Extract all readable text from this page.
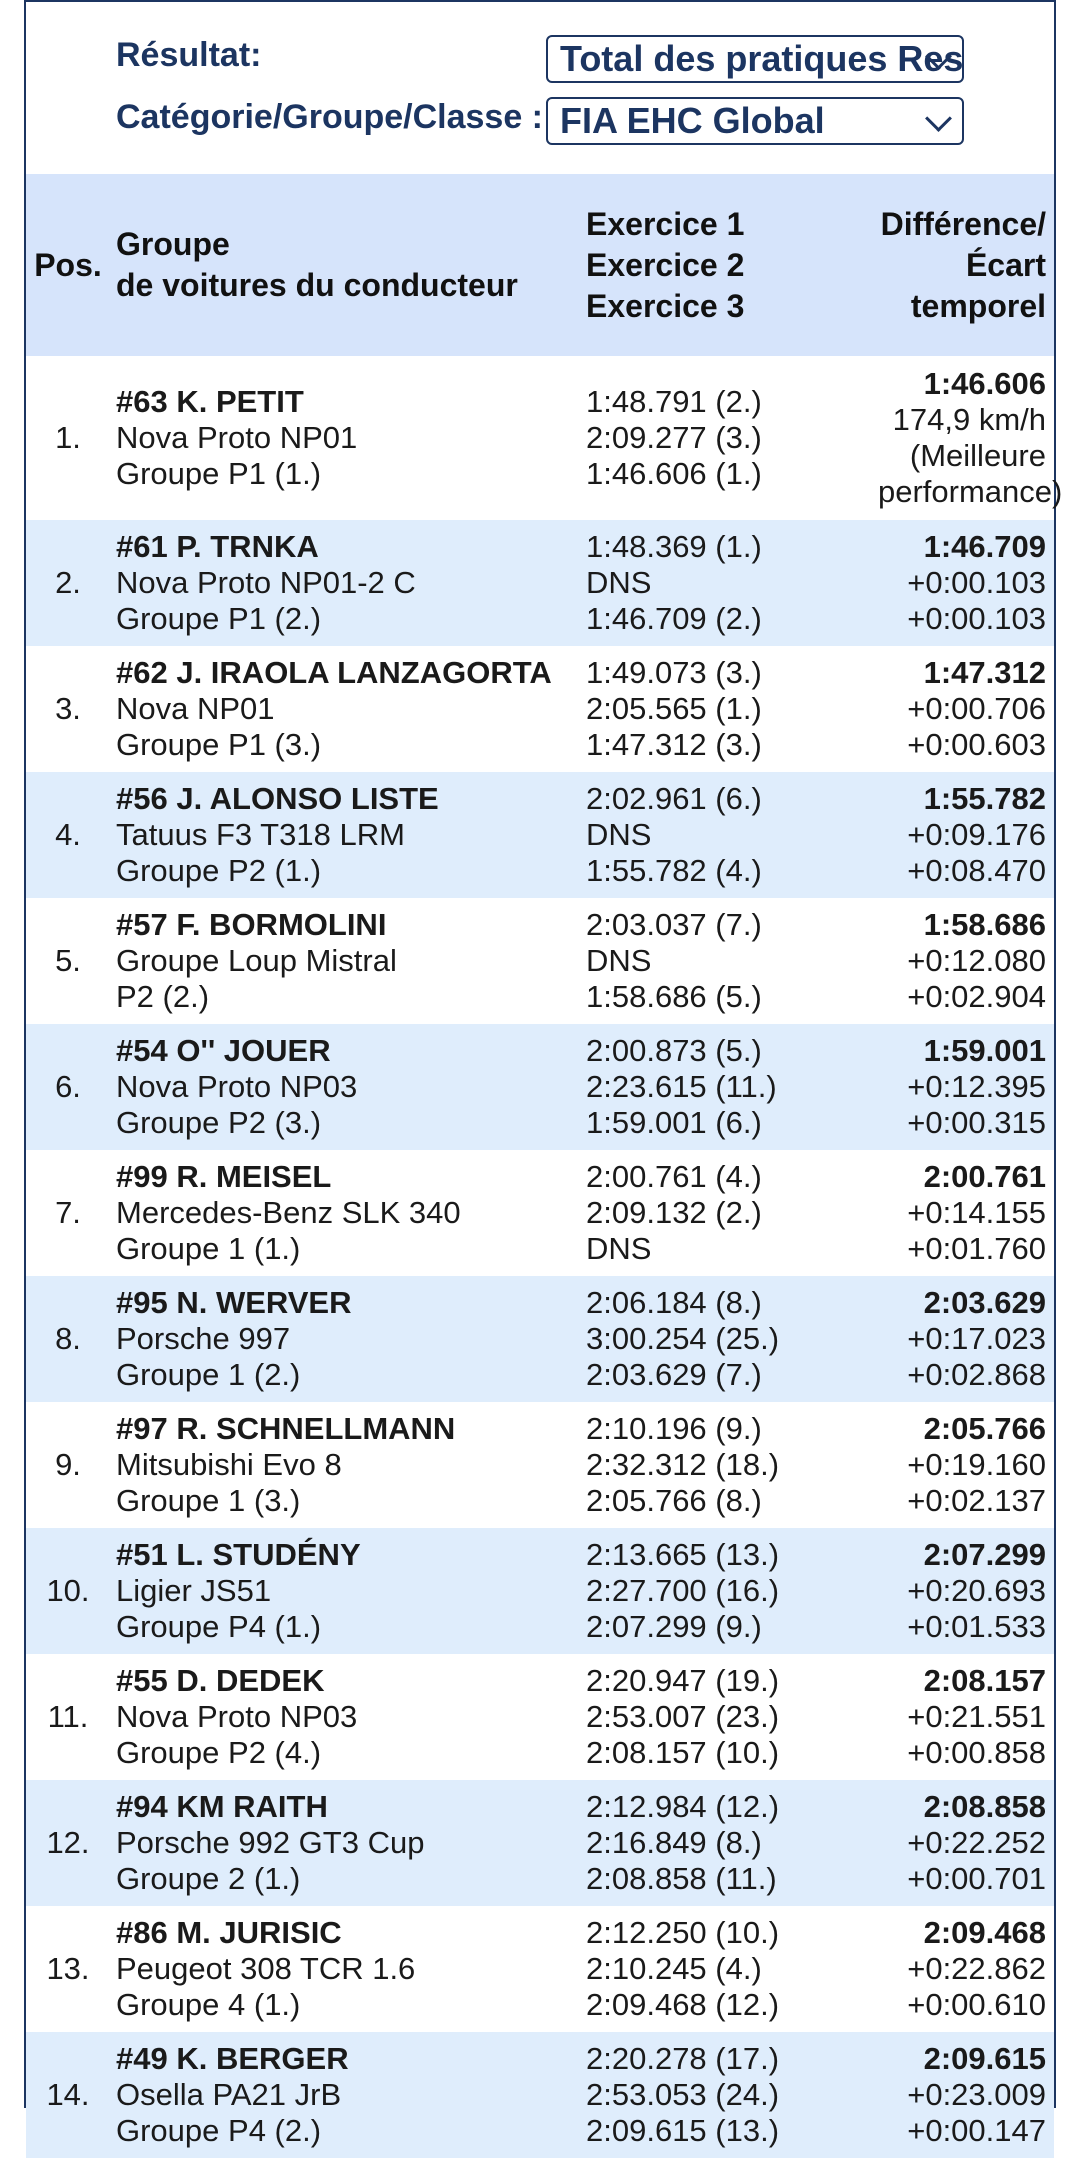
Résultat:	Total des pratiques Res
Catégorie/Groupe/Classe : FIA EHC Global
Pos.	Groupe
de voitures du conducteur	Exercice 1
Exercice 2
Exercice 3	Différence/
Écart
temporel

1.	#63 K. PETIT
Nova Proto NP01
Groupe P1 (1.)	1:48.791 (2.)
2:09.277 (3.)
1:46.606 (1.)	1:46.606
174,9 km/h
(Meilleure
performance)

2.	#61 P. TRNKA
Nova Proto NP01-2 C
Groupe P1 (2.)	1:48.369 (1.)
DNS
1:46.709 (2.)	1:46.709
+0:00.103
+0:00.103

3.	#62 J. IRAOLA LANZAGORTA
Nova NP01
Groupe P1 (3.)	1:49.073 (3.)
2:05.565 (1.)
1:47.312 (3.)	1:47.312
+0:00.706
+0:00.603

4.	#56 J. ALONSO LISTE
Tatuus F3 T318 LRM
Groupe P2 (1.)	2:02.961 (6.)
DNS
1:55.782 (4.)	1:55.782
+0:09.176
+0:08.470

5.	#57 F. BORMOLINI
Groupe Loup Mistral
P2 (2.)	2:03.037 (7.)
DNS
1:58.686 (5.)	1:58.686
+0:12.080
+0:02.904

6.	#54 O'' JOUER
Nova Proto NP03
Groupe P2 (3.)	2:00.873 (5.)
2:23.615 (11.)
1:59.001 (6.)	1:59.001
+0:12.395
+0:00.315

7.	#99 R. MEISEL
Mercedes-Benz SLK 340
Groupe 1 (1.)	2:00.761 (4.)
2:09.132 (2.)
DNS	2:00.761
+0:14.155
+0:01.760

8.	#95 N. WERVER
Porsche 997
Groupe 1 (2.)	2:06.184 (8.)
3:00.254 (25.)
2:03.629 (7.)	2:03.629
+0:17.023
+0:02.868

9.	#97 R. SCHNELLMANN
Mitsubishi Evo 8
Groupe 1 (3.)	2:10.196 (9.)
2:32.312 (18.)
2:05.766 (8.)	2:05.766
+0:19.160
+0:02.137

10.	#51 L. STUDÉNY
Ligier JS51
Groupe P4 (1.)	2:13.665 (13.)
2:27.700 (16.)
2:07.299 (9.)	2:07.299
+0:20.693
+0:01.533

11.	#55 D. DEDEK
Nova Proto NP03
Groupe P2 (4.)	2:20.947 (19.)
2:53.007 (23.)
2:08.157 (10.)	2:08.157
+0:21.551
+0:00.858

12.	#94 KM RAITH
Porsche 992 GT3 Cup
Groupe 2 (1.)	2:12.984 (12.)
2:16.849 (8.)
2:08.858 (11.)	2:08.858
+0:22.252
+0:00.701

13.	#86 M. JURISIC
Peugeot 308 TCR 1.6
Groupe 4 (1.)	2:12.250 (10.)
2:10.245 (4.)
2:09.468 (12.)	2:09.468
+0:22.862
+0:00.610

14.	#49 K. BERGER
Osella PA21 JrB
Groupe P4 (2.)	2:20.278 (17.)
2:53.053 (24.)
2:09.615 (13.)	2:09.615
+0:23.009
+0:00.147
